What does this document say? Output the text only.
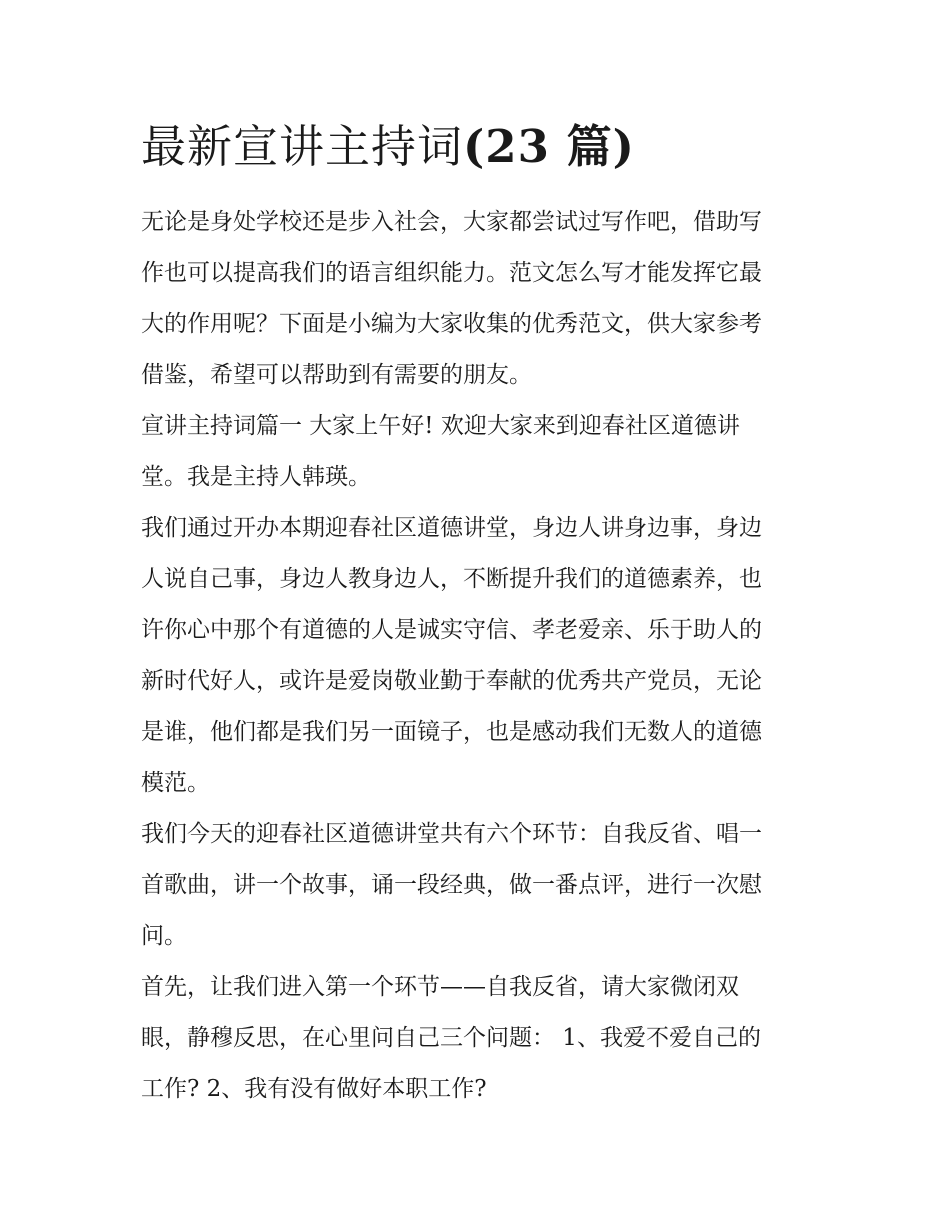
最新宣讲主持词(23 篇)
无论是身处学校还是步入社会，大家都尝试过写作吧，借助写
作也可以提高我们的语言组织能力。范文怎么写才能发挥它最
大的作用呢？下面是小编为大家收集的优秀范文，供大家参考
借鉴，希望可以帮助到有需要的朋友。
宣讲主持词篇一 大家上午好! 欢迎大家来到迎春社区道德讲
堂。我是主持人韩瑛。
我们通过开办本期迎春社区道德讲堂，身边人讲身边事，身边
人说自己事，身边人教身边人，不断提升我们的道德素养，也
许你心中那个有道德的人是诚实守信、孝老爱亲、乐于助人的
新时代好人，或许是爱岗敬业勤于奉献的优秀共产党员，无论
是谁，他们都是我们另一面镜子，也是感动我们无数人的道德
模范。
我们今天的迎春社区道德讲堂共有六个环节：自我反省、唱一
首歌曲，讲一个故事，诵一段经典，做一番点评，进行一次慰
问。
首先，让我们进入第一个环节——自我反省，请大家微闭双
眼，静穆反思，在心里问自己三个问题： 1、我爱不爱自己的
工作? 2、我有没有做好本职工作?
